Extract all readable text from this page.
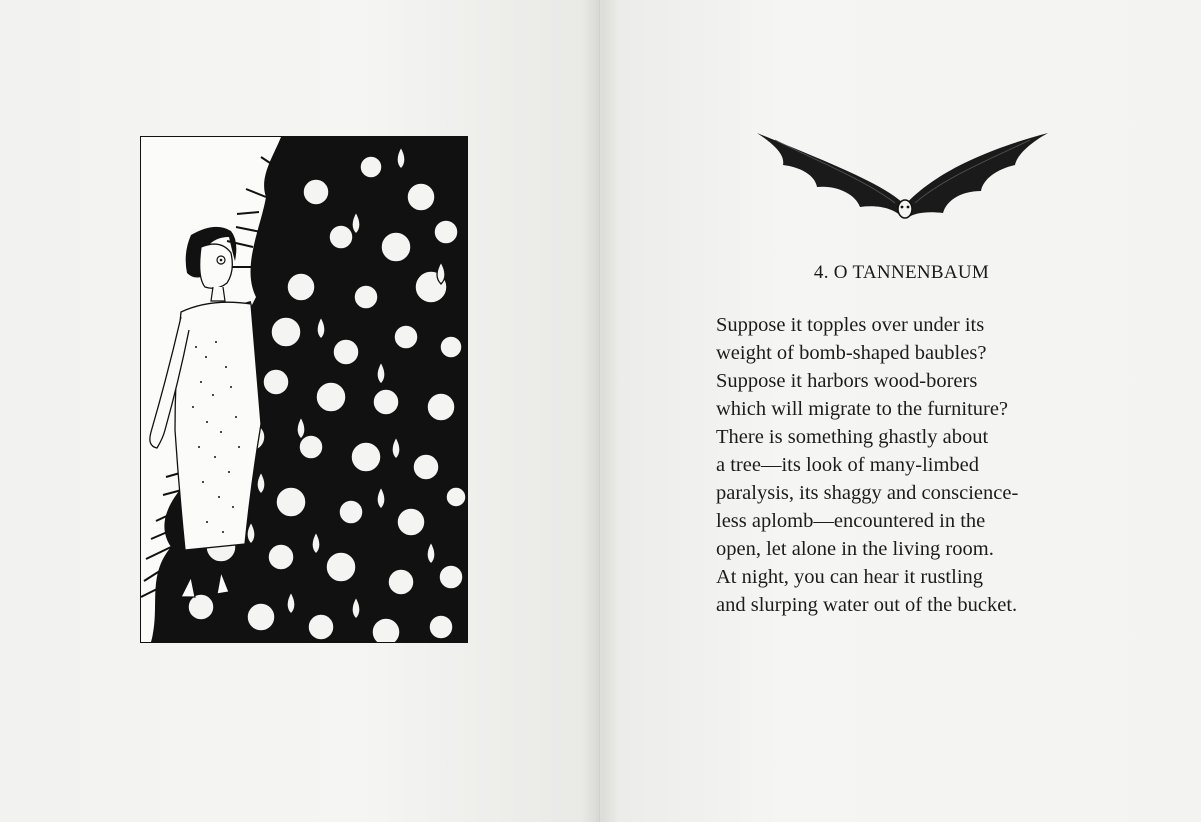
4. O TANNENBAUM
Suppose it topples over under its
weight of bomb-shaped baubles?
Suppose it harbors wood-borers
which will migrate to the furniture?
There is something ghastly about
a tree—its look of many-limbed
paralysis, its shaggy and conscience-
less aplomb—encountered in the
open, let alone in the living room.
At night, you can hear it rustling
and slurping water out of the bucket.
